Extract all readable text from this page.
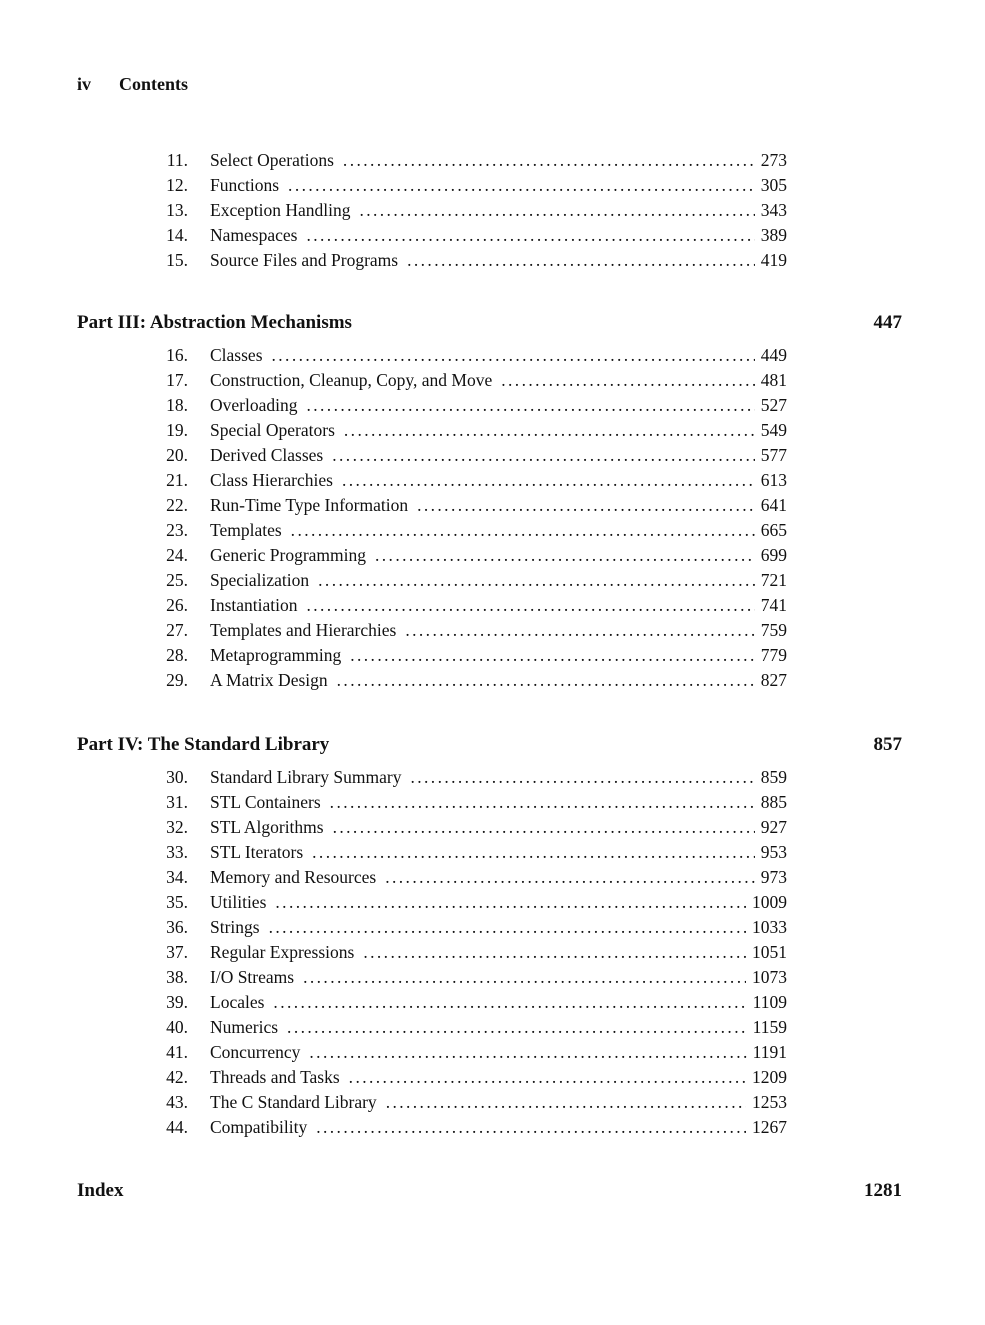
iv Contents
11. Select Operations .....	273
12. Functions .....	305
13. Exception Handling .....	343
14. Namespaces .....	389
15. Source Files and Programs .....	419
Part III: Abstraction Mechanisms	447
16. Classes .....	449
17. Construction, Cleanup, Copy, and Move .....	481
18. Overloading .....	527
19. Special Operators .....	549
20. Derived Classes .....	577
21. Class Hierarchies .....	613
22. Run-Time Type Information .....	641
23. Templates .....	665
24. Generic Programming .....	699
25. Specialization .....	721
26. Instantiation .....	741
27. Templates and Hierarchies .....	759
28. Metaprogramming .....	779
29. A Matrix Design .....	827
Part IV: The Standard Library	857
30. Standard Library Summary .....	859
31. STL Containers .....	885
32. STL Algorithms .....	927
33. STL Iterators .....	953
34. Memory and Resources .....	973
35. Utilities .....	1009
36. Strings .....	1033
37. Regular Expressions .....	1051
38. I/O Streams .....	1073
39. Locales .....	1109
40. Numerics .....	1159
41. Concurrency .....	1191
42. Threads and Tasks .....	1209
43. The C Standard Library .....	1253
44. Compatibility .....	1267
Index	1281
